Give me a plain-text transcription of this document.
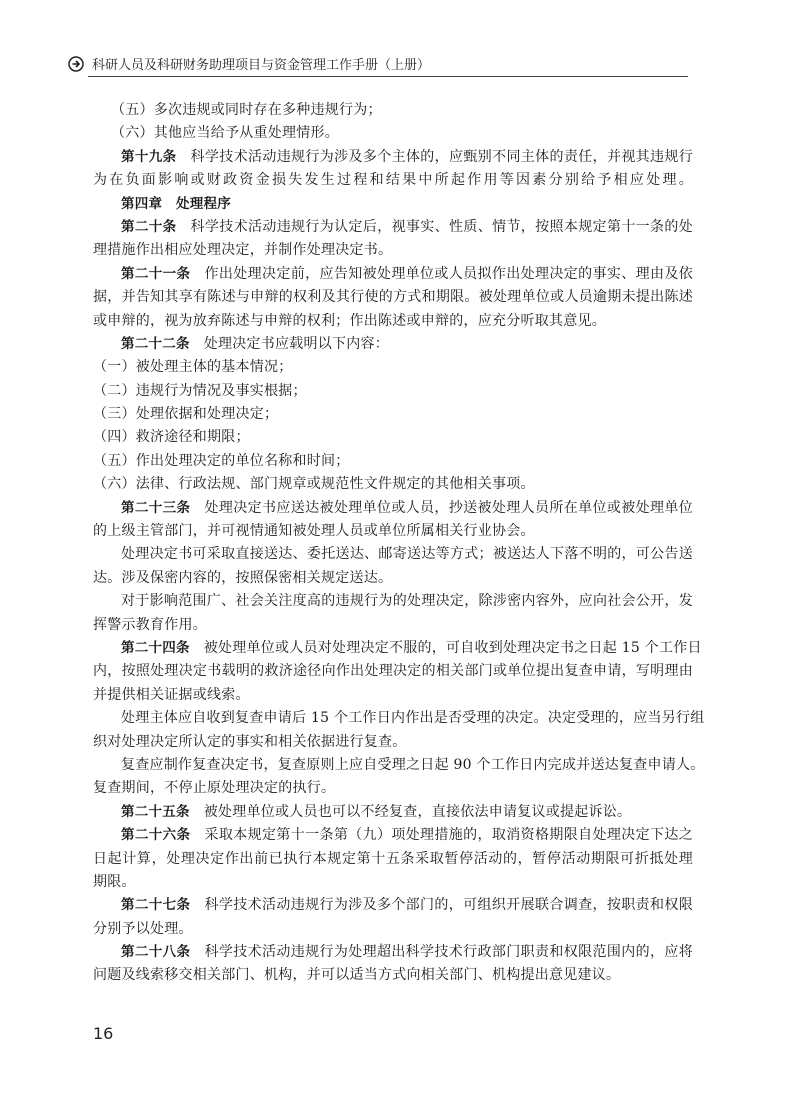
科研人员及科研财务助理项目与资金管理工作手册（上册）
（五）多次违规或同时存在多种违规行为；
（六）其他应当给予从重处理情形。
第十九条 科学技术活动违规行为涉及多个主体的，应甄别不同主体的责任，并视其违规行
为在负面影响或财政资金损失发生过程和结果中所起作用等因素分别给予相应处理。
第四章　处理程序
第二十条 科学技术活动违规行为认定后，视事实、性质、情节，按照本规定第十一条的处
理措施作出相应处理决定，并制作处理决定书。
第二十一条 作出处理决定前，应告知被处理单位或人员拟作出处理决定的事实、理由及依
据，并告知其享有陈述与申辩的权利及其行使的方式和期限。被处理单位或人员逾期未提出陈述
或申辩的，视为放弃陈述与申辩的权利；作出陈述或申辩的，应充分听取其意见。
第二十二条 处理决定书应载明以下内容：
（一）被处理主体的基本情况；
（二）违规行为情况及事实根据；
（三）处理依据和处理决定；
（四）救济途径和期限；
（五）作出处理决定的单位名称和时间；
（六）法律、行政法规、部门规章或规范性文件规定的其他相关事项。
第二十三条 处理决定书应送达被处理单位或人员，抄送被处理人员所在单位或被处理单位
的上级主管部门，并可视情通知被处理人员或单位所属相关行业协会。
处理决定书可采取直接送达、委托送达、邮寄送达等方式；被送达人下落不明的，可公告送
达。涉及保密内容的，按照保密相关规定送达。
对于影响范围广、社会关注度高的违规行为的处理决定，除涉密内容外，应向社会公开，发
挥警示教育作用。
第二十四条 被处理单位或人员对处理决定不服的，可自收到处理决定书之日起 15 个工作日
内，按照处理决定书载明的救济途径向作出处理决定的相关部门或单位提出复查申请，写明理由
并提供相关证据或线索。
处理主体应自收到复查申请后 15 个工作日内作出是否受理的决定。决定受理的，应当另行组
织对处理决定所认定的事实和相关依据进行复查。
复查应制作复查决定书，复查原则上应自受理之日起 90 个工作日内完成并送达复查申请人。
复查期间，不停止原处理决定的执行。
第二十五条 被处理单位或人员也可以不经复查，直接依法申请复议或提起诉讼。
第二十六条 采取本规定第十一条第（九）项处理措施的，取消资格期限自处理决定下达之
日起计算，处理决定作出前已执行本规定第十五条采取暂停活动的，暂停活动期限可折抵处理
期限。
第二十七条 科学技术活动违规行为涉及多个部门的，可组织开展联合调查，按职责和权限
分别予以处理。
第二十八条 科学技术活动违规行为处理超出科学技术行政部门职责和权限范围内的，应将
问题及线索移交相关部门、机构，并可以适当方式向相关部门、机构提出意见建议。
16
